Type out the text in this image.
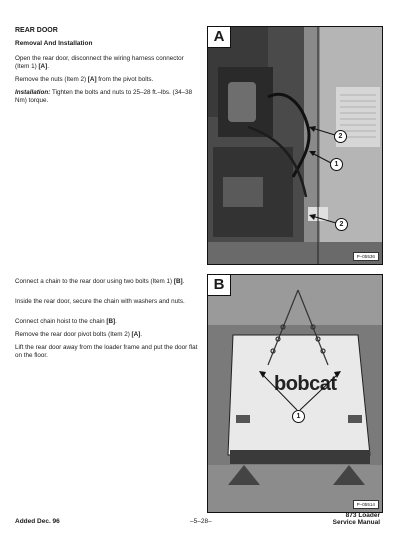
REAR DOOR
Removal And Installation
Open the rear door, disconnect the wiring harness connector (Item 1) [A].
Remove the nuts (Item 2) [A] from the pivot bolts.
Installation: Tighten the bolts and nuts to 25–28 ft.–lbs. (34–38 Nm) torque.
Connect a chain to the rear door using two bolts (Item 1) [B].
Inside the rear door, secure the chain with washers and nuts.
Connect chain hoist to the chain [B].
Remove the rear door pivot bolts (Item 2) [A].
Lift the rear door away from the loader frame and put the door flat on the floor.
A
2
1
2
P–05536
B
bobcat
1
P–05514
Added Dec. 96	–5–28–
873 Loader
Service Manual
